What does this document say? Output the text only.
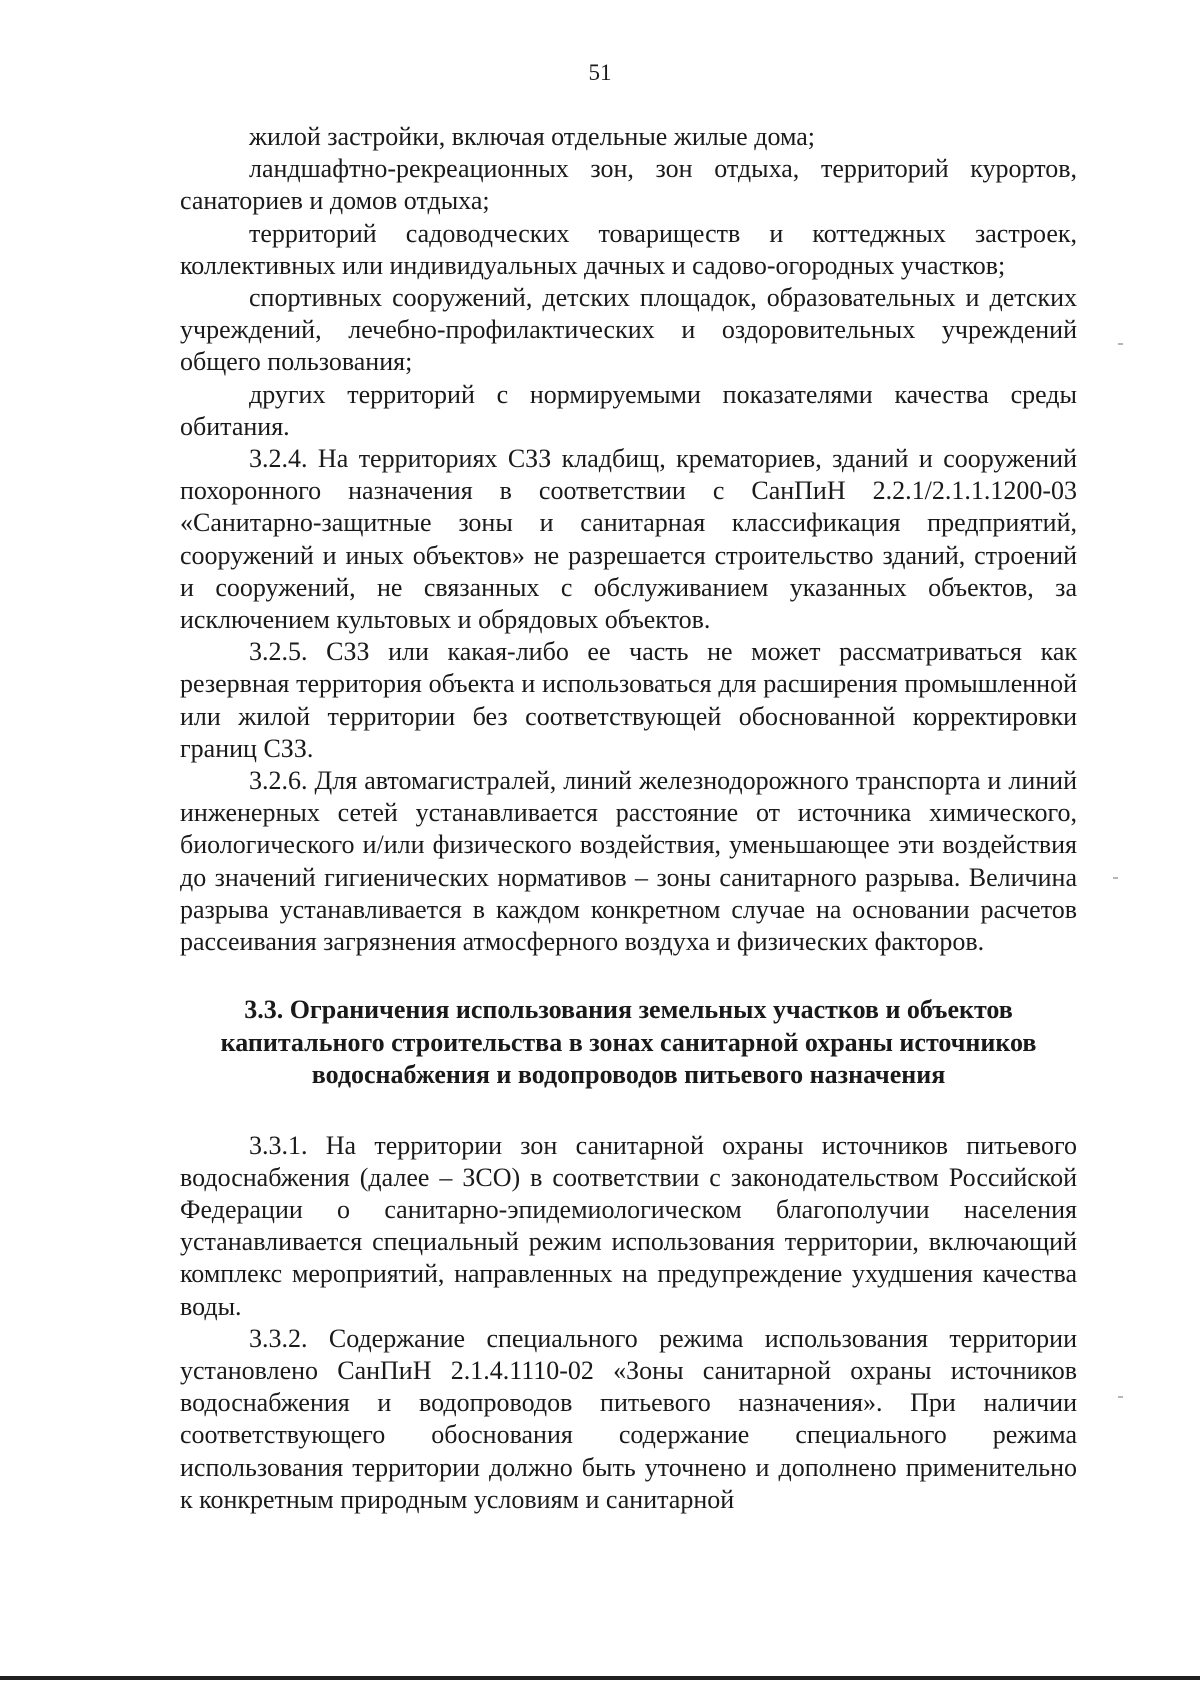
51

жилой застройки, включая отдельные жилые дома;

ландшафтно-рекреационных зон, зон отдыха, территорий курортов, санаториев и домов отдыха;

территорий садоводческих товариществ и коттеджных застроек, коллективных или индивидуальных дачных и садово-огородных участков;

спортивных сооружений, детских площадок, образовательных и детских учреждений, лечебно-профилактических и оздоровительных учреждений общего пользования;

других территорий с нормируемыми показателями качества среды обитания.

3.2.4. На территориях СЗЗ кладбищ, крематориев, зданий и сооружений похоронного назначения в соответствии с СанПиН 2.2.1/2.1.1.1200-03 «Санитарно-защитные зоны и санитарная классификация предприятий, сооружений и иных объектов» не разрешается строительство зданий, строений и сооружений, не связанных с обслуживанием указанных объектов, за исключением культовых и обрядовых объектов.

3.2.5. СЗЗ или какая-либо ее часть не может рассматриваться как резервная территория объекта и использоваться для расширения промышленной или жилой территории без соответствующей обоснованной корректировки границ СЗЗ.

3.2.6. Для автомагистралей, линий железнодорожного транспорта и линий инженерных сетей устанавливается расстояние от источника химического, биологического и/или физического воздействия, уменьшающее эти воздействия до значений гигиенических нормативов – зоны санитарного разрыва. Величина разрыва устанавливается в каждом конкретном случае на основании расчетов рассеивания загрязнения атмосферного воздуха и физических факторов.

3.3. Ограничения использования земельных участков и объектов
капитального строительства в зонах санитарной охраны источников
водоснабжения и водопроводов питьевого назначения

3.3.1. На территории зон санитарной охраны источников питьевого водоснабжения (далее – ЗСО) в соответствии с законодательством Российской Федерации о санитарно-эпидемиологическом благополучии населения устанавливается специальный режим использования территории, включающий комплекс мероприятий, направленных на предупреждение ухудшения качества воды.

3.3.2. Содержание специального режима использования территории установлено СанПиН 2.1.4.1110-02 «Зоны санитарной охраны источников водоснабжения и водопроводов питьевого назначения». При наличии соответствующего обоснования содержание специального режима использования территории должно быть уточнено и дополнено применительно к конкретным природным условиям и санитарной
